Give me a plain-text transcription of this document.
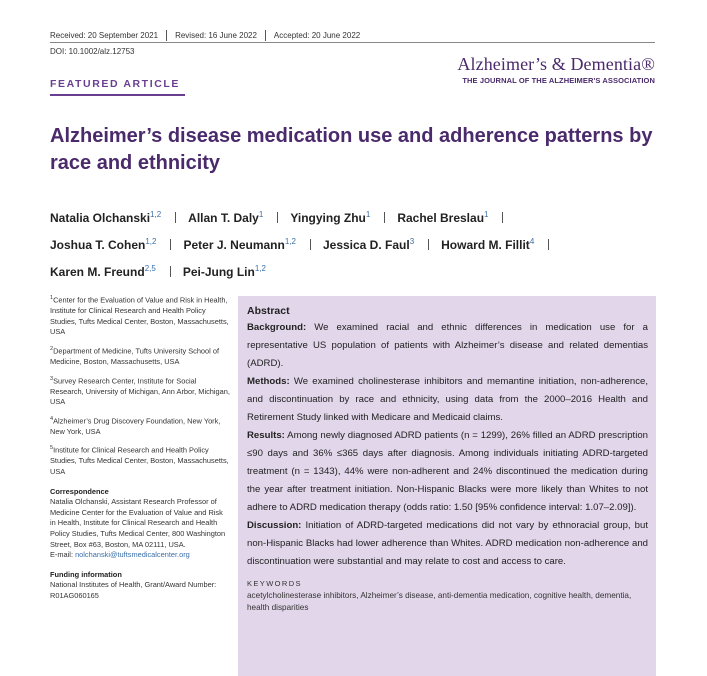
Received: 20 September 2021 Revised: 16 June 2022 Accepted: 20 June 2022
DOI: 10.1002/alz.12753
Alzheimer’s & Dementia®
THE JOURNAL OF THE ALZHEIMER'S ASSOCIATION
FEATURED ARTICLE
Alzheimer’s disease medication use and adherence patterns by race and ethnicity
Natalia Olchanski$^{1,2}$ Allan T. Daly$^1$ Yingying Zhu$^1$ Rachel Breslau$^1$
Joshua T. Cohen$^{1,2}$ Peter J. Neumann$^{1,2}$ Jessica D. Faul$^3$ Howard M. Fillit$^4$
Karen M. Freund$^{2,5}$ Pei-Jung Lin$^{1,2}$
$^1$Center for the Evaluation of Value and Risk in Health, Institute for Clinical Research and Health Policy Studies, Tufts Medical Center, Boston, Massachusetts, USA
$^2$Department of Medicine, Tufts University School of Medicine, Boston, Massachusetts, USA
$^3$Survey Research Center, Institute for Social Research, University of Michigan, Ann Arbor, Michigan, USA
$^4$Alzheimer’s Drug Discovery Foundation, New York, New York, USA
$^5$Institute for Clinical Research and Health Policy Studies, Tufts Medical Center, Boston, Massachusetts, USA
Correspondence
Natalia Olchanski, Assistant Research Professor of Medicine Center for the Evaluation of Value and Risk in Health, Institute for Clinical Research and Health Policy Studies, Tufts Medical Center, 800 Washington Street, Box #63, Boston, MA 02111, USA.
E-mail: nolchanski@tuftsmedicalcenter.org
Funding information
National Institutes of Health, Grant/Award Number: R01AG060165
Abstract

Background: We examined racial and ethnic differences in medication use for a representative US population of patients with Alzheimer’s disease and related dementias (ADRD).

Methods: We examined cholinesterase inhibitors and memantine initiation, non-adherence, and discontinuation by race and ethnicity, using data from the 2000–2016 Health and Retirement Study linked with Medicare and Medicaid claims.

Results: Among newly diagnosed ADRD patients (n = 1299), 26% filled an ADRD prescription ≤90 days and 36% ≤365 days after diagnosis. Among individuals initiating ADRD-targeted treatment (n = 1343), 44% were non-adherent and 24% discontinued the medication during the year after treatment initiation. Non-Hispanic Blacks were more likely than Whites to not adhere to ADRD medication therapy (odds ratio: 1.50 [95% confidence interval: 1.07–2.09]).

Discussion: Initiation of ADRD-targeted medications did not vary by ethnoracial group, but non-Hispanic Blacks had lower adherence than Whites. ADRD medication non-adherence and discontinuation were substantial and may relate to cost and access to care.

KEYWORDS
acetylcholinesterase inhibitors, Alzheimer’s disease, anti-dementia medication, cognitive health, dementia, health disparities
